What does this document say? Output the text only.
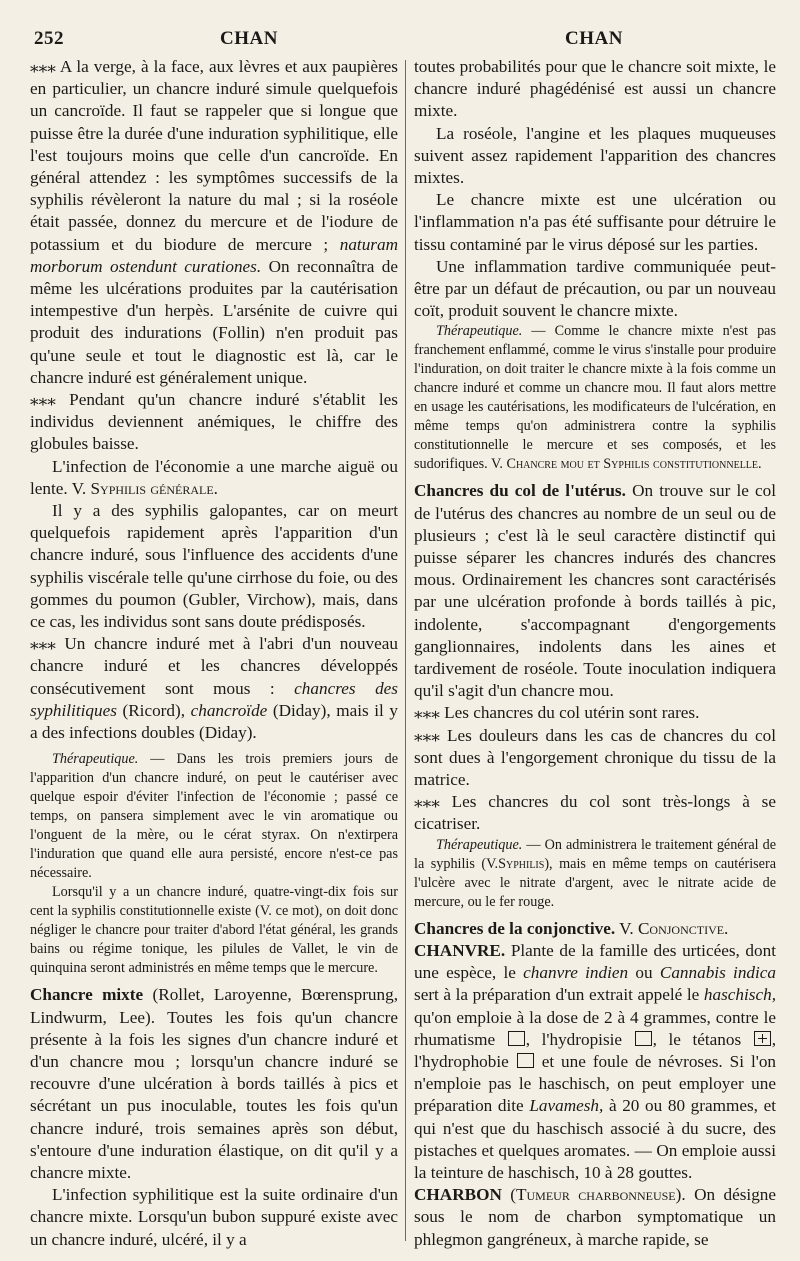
252	CHAN	CHAN

⁎⁎⁎ A la verge, à la face, aux lèvres et aux paupières en particulier, un chancre induré simule quelquefois un cancroïde. Il faut se rappeler que si longue que puisse être la durée d'une induration syphilitique, elle l'est toujours moins que celle d'un cancroïde. En général attendez : les symptômes successifs de la syphilis révèleront la nature du mal ; si la roséole était passée, donnez du mercure et de l'iodure de potassium et du biodure de mercure ; naturam morborum ostendunt curationes. On reconnaîtra de même les ulcérations produites par la cautérisation intempestive d'un herpès. L'arsénite de cuivre qui produit des indurations (Follin) n'en produit pas qu'une seule et tout le diagnostic est là, car le chancre induré est généralement unique.

⁎⁎⁎ Pendant qu'un chancre induré s'établit les individus deviennent anémiques, le chiffre des globules baisse.

L'infection de l'économie a une marche aiguë ou lente. V. Syphilis générale.

Il y a des syphilis galopantes, car on meurt quelquefois rapidement après l'apparition d'un chancre induré, sous l'influence des accidents d'une syphilis viscérale telle qu'une cirrhose du foie, ou des gommes du poumon (Gubler, Virchow), mais, dans ce cas, les individus sont sans doute prédisposés.

⁎⁎⁎ Un chancre induré met à l'abri d'un nouveau chancre induré et les chancres développés consécutivement sont mous : chancres des syphilitiques (Ricord), chancroïde (Diday), mais il y a des infections doubles (Diday).

Thérapeutique. — Dans les trois premiers jours de l'apparition d'un chancre induré, on peut le cautériser avec quelque espoir d'éviter l'infection de l'économie ; passé ce temps, on pansera simplement avec le vin aromatique ou l'onguent de la mère, ou le cérat styrax. On n'extirpera l'induration que quand elle aura persisté, encore n'est-ce pas nécessaire.

Lorsqu'il y a un chancre induré, quatre-vingt-dix fois sur cent la syphilis constitutionnelle existe (V. ce mot), on doit donc négliger le chancre pour traiter d'abord l'état général, les grands bains ou régime tonique, les pilules de Vallet, le vin de quinquina seront administrés en même temps que le mercure.

Chancre mixte (Rollet, Laroyenne, Bœrensprung, Lindwurm, Lee). Toutes les fois qu'un chancre présente à la fois les signes d'un chancre induré et d'un chancre mou ; lorsqu'un chancre induré se recouvre d'une ulcération à bords taillés à pics et sécrétant un pus inoculable, toutes les fois qu'un chancre induré, trois semaines après son début, s'entoure d'une induration élastique, on dit qu'il y a chancre mixte.

L'infection syphilitique est la suite ordinaire d'un chancre mixte. Lorsqu'un bubon suppuré existe avec un chancre induré, ulcéré, il y a

toutes probabilités pour que le chancre soit mixte, le chancre induré phagédénisé est aussi un chancre mixte.

La roséole, l'angine et les plaques muqueuses suivent assez rapidement l'apparition des chancres mixtes.

Le chancre mixte est une ulcération ou l'inflammation n'a pas été suffisante pour détruire le tissu contaminé par le virus déposé sur les parties.

Une inflammation tardive communiquée peut-être par un défaut de précaution, ou par un nouveau coït, produit souvent le chancre mixte.

Thérapeutique. — Comme le chancre mixte n'est pas franchement enflammé, comme le virus s'installe pour produire l'induration, on doit traiter le chancre mixte à la fois comme un chancre induré et comme un chancre mou. Il faut alors mettre en usage les cautérisations, les modificateurs de l'ulcération, en même temps qu'on administrera contre la syphilis constitutionnelle le mercure et ses composés, et les sudorifiques. V. Chancre mou et Syphilis constitutionnelle.

Chancres du col de l'utérus. On trouve sur le col de l'utérus des chancres au nombre de un seul ou de plusieurs ; c'est là le seul caractère distinctif qui puisse séparer les chancres indurés des chancres mous. Ordinairement les chancres sont caractérisés par une ulcération profonde à bords taillés à pic, indolente, s'accompagnant d'engorgements ganglionnaires, indolents dans les aines et tardivement de roséole. Toute inoculation indiquera qu'il s'agit d'un chancre mou.

⁎⁎⁎ Les chancres du col utérin sont rares.

⁎⁎⁎ Les douleurs dans les cas de chancres du col sont dues à l'engorgement chronique du tissu de la matrice.

⁎⁎⁎ Les chancres du col sont très-longs à se cicatriser.

Thérapeutique. — On administrera le traitement général de la syphilis (V.Syphilis), mais en même temps on cautérisera l'ulcère avec le nitrate d'argent, avec le nitrate acide de mercure, ou le fer rouge.

Chancres de la conjonctive. V. Conjonctive.

CHANVRE. Plante de la famille des urticées, dont une espèce, le chanvre indien ou Cannabis indica sert à la préparation d'un extrait appelé le haschisch, qu'on emploie à la dose de 2 à 4 grammes, contre le rhumatisme , l'hydropisie , le tétanos , l'hydrophobie et une foule de névroses. Si l'on n'emploie pas le haschisch, on peut employer une préparation dite Lavamesh, à 20 ou 80 grammes, et qui n'est que du haschisch associé à du sucre, des pistaches et quelques aromates. — On emploie aussi la teinture de haschisch, 10 à 28 gouttes.

CHARBON (Tumeur charbonneuse). On désigne sous le nom de charbon symptomatique un phlegmon gangréneux, à marche rapide, se
